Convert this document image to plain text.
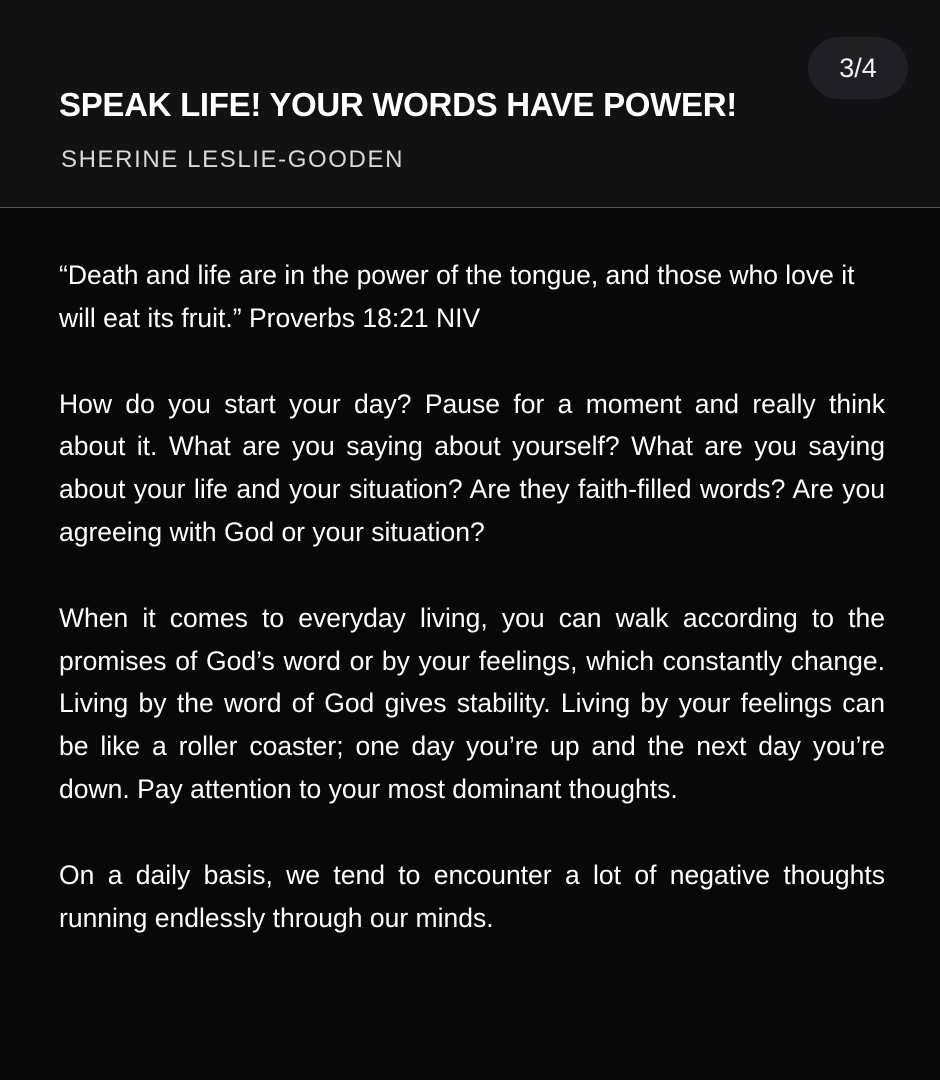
3/4
SPEAK LIFE! YOUR WORDS HAVE POWER!
SHERINE LESLIE-GOODEN

“Death and life are in the power of the tongue, and those who love it will eat its fruit.” Proverbs 18:21 NIV

How do you start your day? Pause for a moment and really think about it. What are you saying about yourself? What are you saying about your life and your situation? Are they faith-filled words? Are you agreeing with God or your situation?

When it comes to everyday living, you can walk according to the promises of God’s word or by your feelings, which constantly change. Living by the word of God gives stability. Living by your feelings can be like a roller coaster; one day you’re up and the next day you’re down. Pay attention to your most dominant thoughts.

On a daily basis, we tend to encounter a lot of negative thoughts running endlessly through our minds.
